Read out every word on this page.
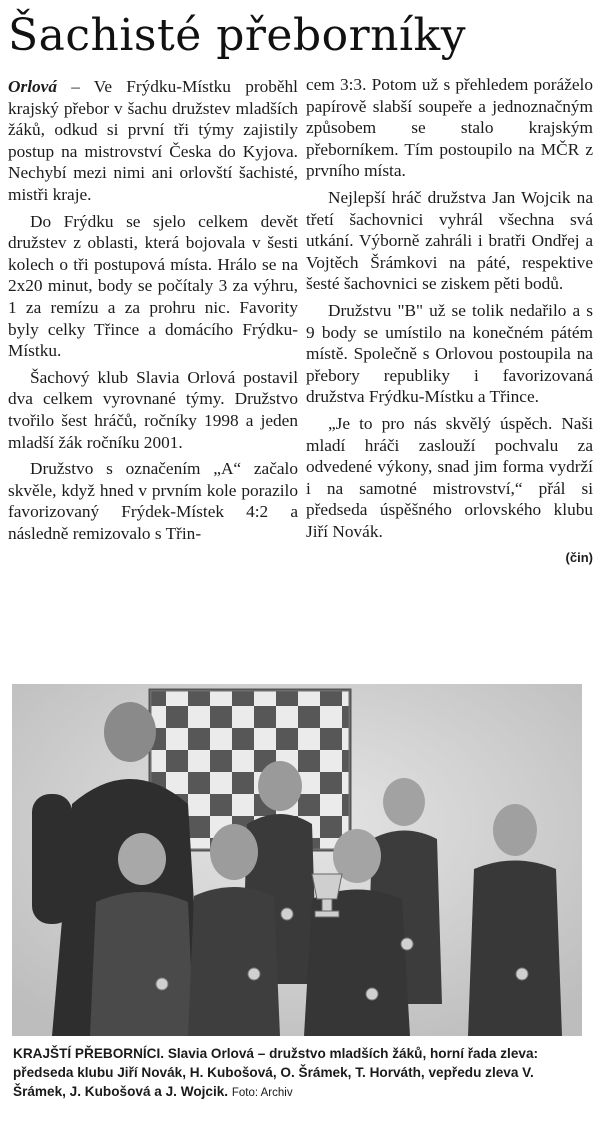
Šachisté přeborníky

Orlová – Ve Frýdku-Místku proběhl krajský přebor v šachu družstev mladších žáků, odkud si první tři týmy zajistily postup na mistrovství Česka do Kyjova. Nechybí mezi nimi ani orlovští šachisté, mistři kraje.

Do Frýdku se sjelo celkem devět družstev z oblasti, která bojovala v šesti kolech o tři postupová místa. Hrálo se na 2x20 minut, body se počítaly 3 za výhru, 1 za remízu a za prohru nic. Favority byly celky Třince a domácího Frýdku-Místku.

Šachový klub Slavia Orlová postavil dva celkem vyrovnané týmy. Družstvo tvořilo šest hráčů, ročníky 1998 a jeden mladší žák ročníku 2001.

Družstvo s označením „A“ začalo skvěle, když hned v prvním kole porazilo favorizovaný Frýdek-Místek 4:2 a následně remizovalo s Třin-

cem 3:3. Potom už s přehledem poráželo papírově slabší soupeře a jednoznačným způsobem se stalo krajským přeborníkem. Tím postoupilo na MČR z prvního místa.

Nejlepší hráč družstva Jan Wojcik na třetí šachovnici vyhrál všechna svá utkání. Výborně zahráli i bratři Ondřej a Vojtěch Šrámkovi na páté, respektive šesté šachovnici se ziskem pěti bodů.

Družstvu "B" už se tolik nedařilo a s 9 body se umístilo na konečném pátém místě. Společně s Orlovou postoupila na přebory republiky i favorizovaná družstva Frýdku-Místku a Třince.

„Je to pro nás skvělý úspěch. Naši mladí hráči zaslouží pochvalu za odvedené výkony, snad jim forma vydrží i na samotné mistrovství,“ přál si předseda úspěšného orlovského klubu Jiří Novák.

(čin)
KRAJŠTÍ PŘEBORNÍCI. Slavia Orlová – družstvo mladších žáků, horní řada zleva: předseda klubu Jiří Novák, H. Kubošová, O. Šrámek, T. Horváth, vepředu zleva V. Šrámek, J. Kubošová a J. Wojcik. Foto: Archiv
